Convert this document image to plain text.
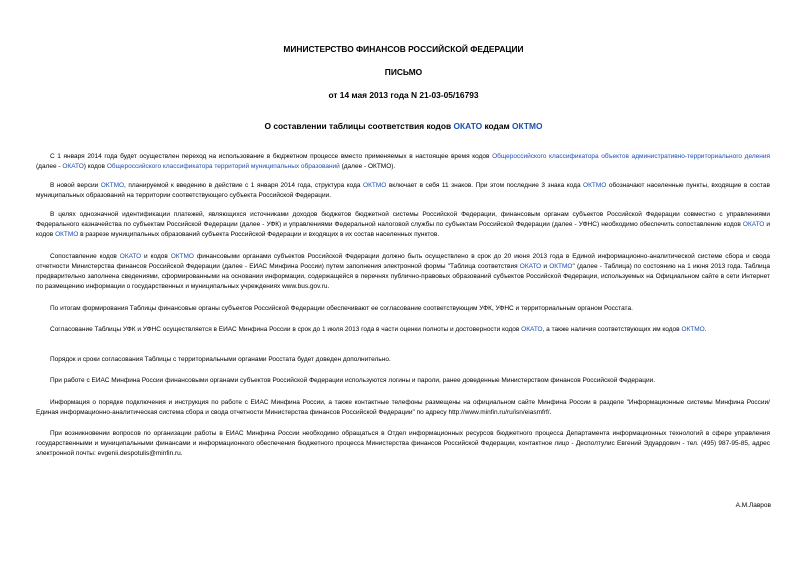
МИНИСТЕРСТВО ФИНАНСОВ РОССИЙСКОЙ ФЕДЕРАЦИИ
ПИСЬМО
от 14 мая 2013 года N 21-03-05/16793
О составлении таблицы соответствия кодов ОКАТО кодам ОКТМО
С 1 января 2014 года будет осуществлен переход на использование в бюджетном процессе вместо применяемых в настоящее время кодов Общероссийского классификатора объектов административно-территориального деления (далее - ОКАТО) кодов Общероссийского классификатора территорий муниципальных образований (далее - ОКТМО).
В новой версии ОКТМО, планируемой к введению в действие с 1 января 2014 года, структура кода ОКТМО включает в себя 11 знаков. При этом последние 3 знака кода ОКТМО обозначают населенные пункты, входящие в состав муниципальных образований на территории соответствующего субъекта Российской Федерации.
В целях однозначной идентификации платежей, являющихся источниками доходов бюджетов бюджетной системы Российской Федерации, финансовым органам субъектов Российской Федерации совместно с управлениями Федерального казначейства по субъектам Российской Федерации (далее - УФК) и управлениями Федеральной налоговой службы по субъектам Российской Федерации (далее - УФНС) необходимо обеспечить сопоставление кодов ОКАТО и кодов ОКТМО в разрезе муниципальных образований субъекта Российской Федерации и входящих в их состав населенных пунктов.
Сопоставление кодов ОКАТО и кодов ОКТМО финансовыми органами субъектов Российской Федерации должно быть осуществлено в срок до 20 июня 2013 года в Единой информационно-аналитической системе сбора и свода отчетности Министерства финансов Российской Федерации (далее - ЕИАС Минфина России) путем заполнения электронной формы "Таблица соответствия ОКАТО и ОКТМО" (далее - Таблица) по состоянию на 1 июня 2013 года. Таблица предварительно заполнена сведениями, сформированными на основании информации, содержащейся в перечнях публично-правовых образований субъектов Российской Федерации, используемых на Официальном сайте в сети Интернет по размещению информации о государственных и муниципальных учреждениях www.bus.gov.ru.
По итогам формирования Таблицы финансовые органы субъектов Российской Федерации обеспечивают ее согласование соответствующим УФК, УФНС и территориальным органом Росстата.
Согласование Таблицы УФК и УФНС осуществляется в ЕИАС Минфина России в срок до 1 июля 2013 года в части оценки полноты и достоверности кодов ОКАТО, а также наличия соответствующих им кодов ОКТМО.
Порядок и сроки согласования Таблицы с территориальными органами Росстата будет доведен дополнительно.
При работе с ЕИАС Минфина России финансовыми органами субъектов Российской Федерации используются логины и пароли, ранее доведенные Министерством финансов Российской Федерации.
Информация о порядке подключения и инструкция по работе с ЕИАС Минфина России, а также контактные телефоны размещены на официальном сайте Минфина России в разделе "Информационные системы Минфина России/Единая информационно-аналитическая система сбора и свода отчетности Министерства финансов Российской Федерации" по адресу http://www.minfin.ru/ru/isn/eiasmfrf/.
При возникновении вопросов по организации работы в ЕИАС Минфина России необходимо обращаться в Отдел информационных ресурсов бюджетного процесса Департамента информационных технологий в сфере управления государственными и муниципальными финансами и информационного обеспечения бюджетного процесса Министерства финансов Российской Федерации, контактное лицо - Десполтулис Евгений Эдуардович - тел. (495) 987-95-85, адрес электронной почты: evgenii.despotulis@minfin.ru.
А.М.Лавров
